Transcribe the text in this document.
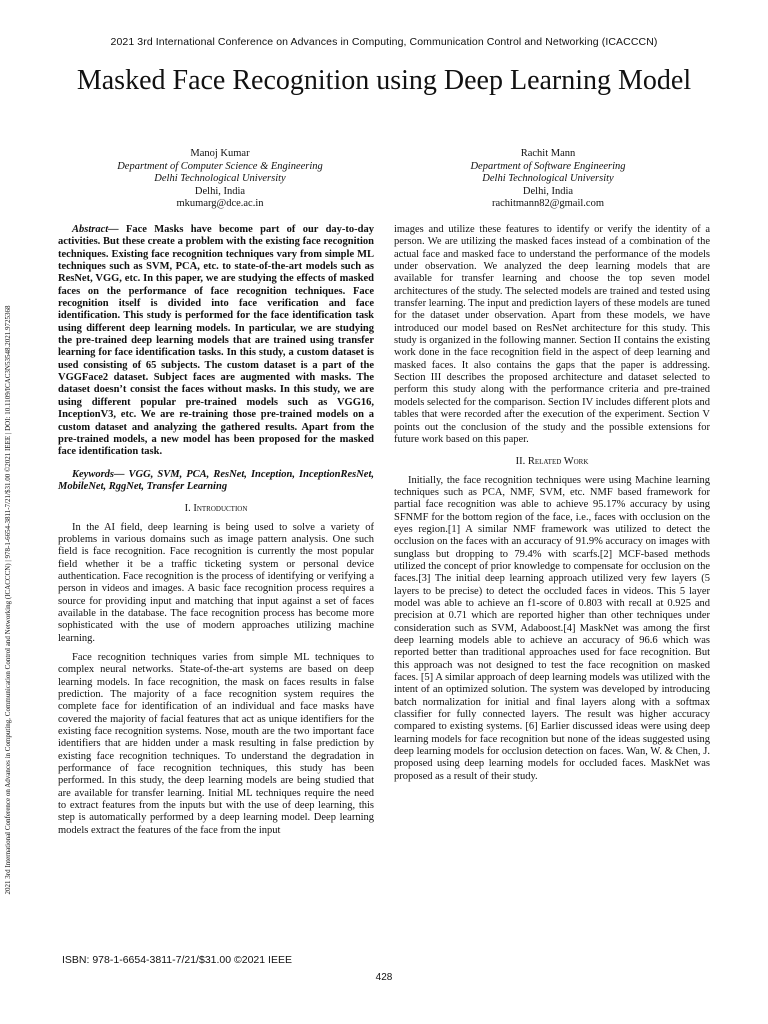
2021 3rd International Conference on Advances in Computing, Communication Control and Networking (ICACCCN)
2021 3rd International Conference on Advances in Computing, Communication Control and Networking (ICACCCN) | 978-1-6654-3811-7/21/$31.00 ©2021 IEEE | DOI: 10.1109/ICAC3N53548.2021.9725368
Masked Face Recognition using Deep Learning Model
Manoj Kumar
Department of Computer Science & Engineering
Delhi Technological University
Delhi, India
mkumarg@dce.ac.in
Rachit Mann
Department of Software Engineering
Delhi Technological University
Delhi, India
rachitmann82@gmail.com

Abstract— Face Masks have become part of our day-to-day activities. But these create a problem with the existing face recognition techniques. Existing face recognition techniques vary from simple ML techniques such as SVM, PCA, etc. to state-of-the-art models such as ResNet, VGG, etc. In this paper, we are studying the effects of masked faces on the performance of face recognition techniques. Face recognition itself is divided into face verification and face identification. This study is performed for the face identification task using different deep learning models. In particular, we are studying the pre-trained deep learning models that are trained using transfer learning for face identification tasks. In this study, a custom dataset is used consisting of 65 subjects. The custom dataset is a part of the VGGFace2 dataset. Subject faces are augmented with masks. The dataset doesn’t consist the faces without masks. In this study, we are using different popular pre-trained models such as VGG16, InceptionV3, etc. We are re-training those pre-trained models on a custom dataset and analyzing the gathered results. Apart from the pre-trained models, a new model has been proposed for the masked face identification task.

Keywords— VGG, SVM, PCA, ResNet, Inception, InceptionResNet, MobileNet, RggNet, Transfer Learning

I. Introduction

In the AI field, deep learning is being used to solve a variety of problems in various domains such as image pattern analysis. One such field is face recognition. Face recognition is currently the most popular field whether it be a traffic ticketing system or personal device authentication. Face recognition is the process of identifying or verifying a person in videos and images. A basic face recognition process requires a source for providing input and matching that input against a set of faces available in the database. The face recognition process has become more sophisticated with the use of modern approaches utilizing machine learning.

Face recognition techniques varies from simple ML techniques to complex neural networks. State-of-the-art systems are based on deep learning models. In face recognition, the mask on faces results in false prediction. The majority of a face recognition system requires the complete face for identification of an individual and face masks have covered the majority of facial features that act as unique identifiers for the existing face recognition systems. Nose, mouth are the two important face identifiers that are hidden under a mask resulting in false prediction by existing face recognition techniques. To understand the degradation in performance of face recognition techniques, this study has been performed. In this study, the deep learning models are being studied that are available for transfer learning. Initial ML techniques require the need to extract features from the inputs but with the use of deep learning, this step is automatically performed by a deep learning model. Deep learning models extract the features of the face from the input

images and utilize these features to identify or verify the identity of a person. We are utilizing the masked faces instead of a combination of the actual face and masked face to understand the performance of the models under observation. We analyzed the deep learning models that are available for transfer learning and choose the top seven model architectures of the study. The selected models are trained and tested using transfer learning. The input and prediction layers of these models are tuned for the dataset under observation. Apart from these models, we have introduced our model based on ResNet architecture for this study. This study is organized in the following manner. Section II contains the existing work done in the face recognition field in the aspect of deep learning and masked faces. It also contains the gaps that the paper is addressing. Section III describes the proposed architecture and dataset selected to perform this study along with the performance criteria and pre-trained models selected for the comparison. Section IV includes different plots and tables that were recorded after the execution of the experiment. Section V points out the conclusion of the study and the possible extensions for future work based on this paper.

II. Related Work

Initially, the face recognition techniques were using Machine learning techniques such as PCA, NMF, SVM, etc. NMF based framework for partial face recognition was able to achieve 95.17% accuracy by using SFNMF for the bottom region of the face, i.e., faces with occlusion on the eyes region.[1] A similar NMF framework was utilized to detect the occlusion on the faces with an accuracy of 91.9% accuracy on images with sunglass but dropping to 79.4% with scarfs.[2] MCF-based methods utilized the concept of prior knowledge to compensate for occlusion on the faces.[3] The initial deep learning approach utilized very few layers (5 layers to be precise) to detect the occluded faces in videos. This 5 layer model was able to achieve an f1-score of 0.803 with recall at 0.925 and precision at 0.71 which are reported higher than other techniques under consideration such as SVM, Adaboost.[4] MaskNet was among the first deep learning models able to achieve an accuracy of 96.6 which was reported better than traditional approaches used for face recognition. But this approach was not designed to test the face recognition on masked faces. [5] A similar approach of deep learning models was utilized with the intent of an optimized solution. The system was developed by introducing batch normalization for initial and final layers along with a softmax classifier for fully connected layers. The result was higher accuracy compared to existing systems. [6] Earlier discussed ideas were using deep learning models for face recognition but none of the ideas suggested using deep learning models for occlusion detection on faces. Wan, W. & Chen, J. proposed using deep learning models for occluded faces. MaskNet was proposed as a result of their study.

ISBN: 978-1-6654-3811-7/21/$31.00 ©2021 IEEE
428
